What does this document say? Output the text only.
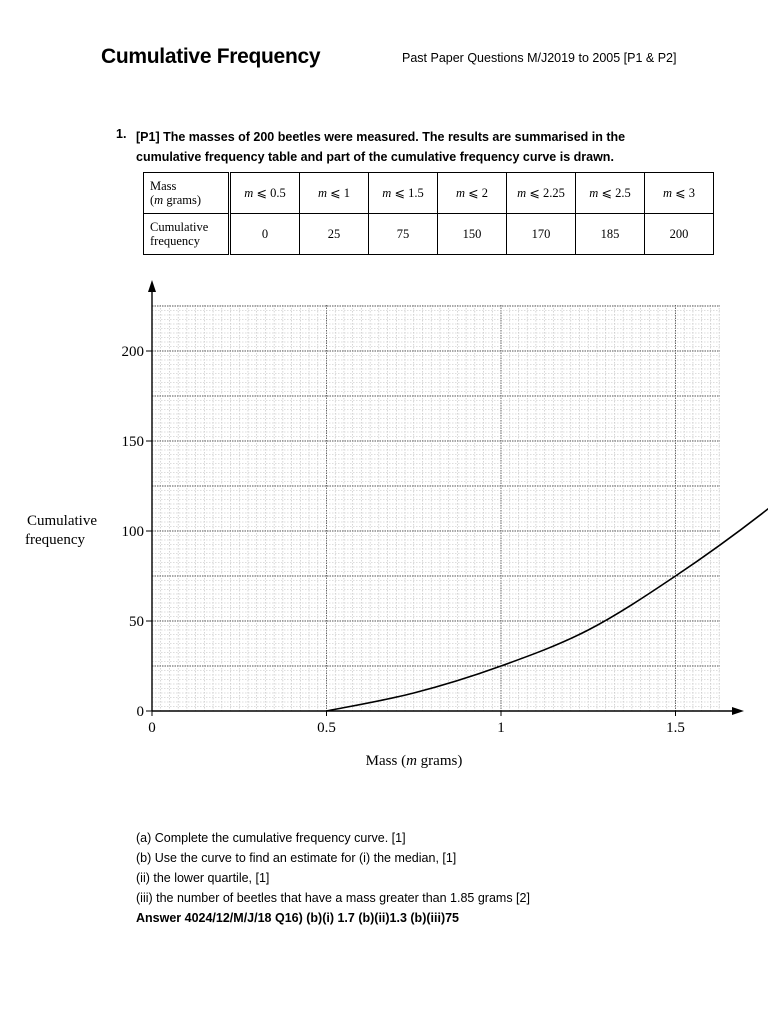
Cumulative Frequency	Past Paper Questions M/J2019 to 2005 [P1 & P2]
1. [P1] The masses of 200 beetles were measured. The results are summarised in the cumulative frequency table and part of the cumulative frequency curve is drawn.
Mass
(m grams)	m ⩽ 0.5	m ⩽ 1	m ⩽ 1.5	m ⩽ 2	m ⩽ 2.25	m ⩽ 2.5	m ⩽ 3
Cumulative
frequency	0	25	75	150	170	185	200
0	0.5	1	1.5
0
50
100
150
200
Cumulative
frequency
Mass (m grams)
(a) Complete the cumulative frequency curve. [1]
(b) Use the curve to find an estimate for (i) the median, [1]
(ii) the lower quartile, [1]
(iii) the number of beetles that have a mass greater than 1.85 grams [2]
Answer 4024/12/M/J/18 Q16) (b)(i) 1.7 (b)(ii)1.3 (b)(iii)75
